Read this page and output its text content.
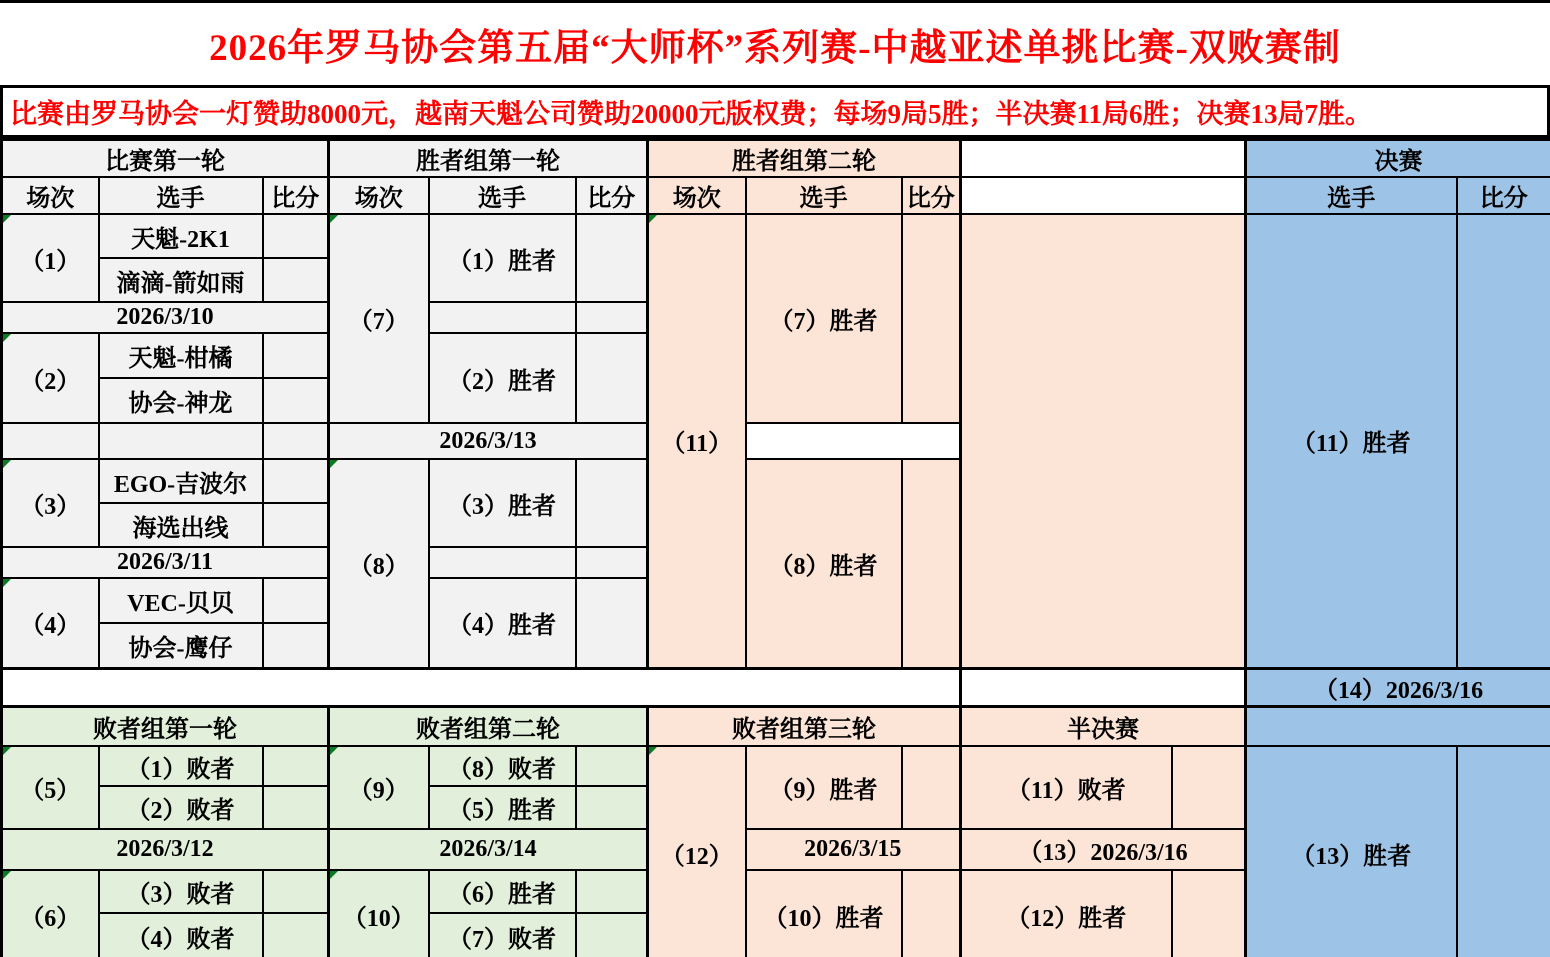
2026年罗马协会第五届“大师杯”系列赛-中越亚述单挑比赛-双败赛制
比赛由罗马协会一灯赞助8000元，越南天魁公司赞助20000元版权费；每场9局5胜；半决赛11局6胜；决赛13局7胜。
比赛第一轮			胜者组第一轮			胜者组第二轮					决赛	
场次	选手	比分	场次	选手	比分	场次	选手	比分			选手	比分
（1）	天魁-2K1		（7）	（1）胜者		（11）	（7）胜者				（11）胜者	
	滴滴-箭如雨											
2026/3/10												
（2）	天魁-柑橘			（2）胜者								
	协会-神龙											
			2026/3/13									
（3）	EGO-吉波尔		（8）	（3）胜者			（8）胜者					
	海选出线											
2026/3/11												
（4）	VEC-贝贝			（4）胜者								
	协会-鹰仔											
											（14）2026/3/16	
败者组第一轮			败者组第二轮			败者组第三轮			半决赛			
（5）	（1）败者		（9）	（8）败者		（12）	（9）胜者		（11）败者		（13）胜者	
	（2）败者			（5）胜者								
2026/3/12			2026/3/14				2026/3/15		（13）2026/3/16			
（6）	（3）败者		（10）	（6）胜者			（10）胜者		（12）胜者			
	（4）败者			（7）败者								
